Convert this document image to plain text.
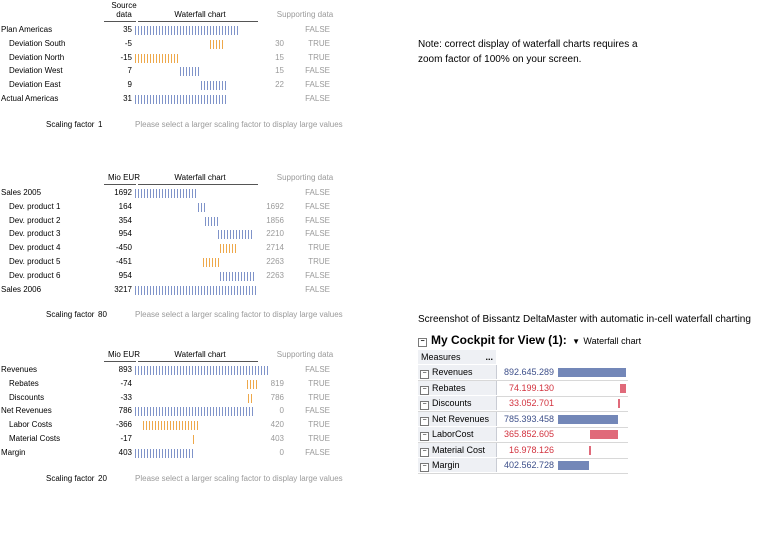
Source
data	Waterfall chart	Supporting data
Plan Americas	35	FALSE
Deviation South	-5	30	TRUE
Deviation North	-15	15	TRUE
Deviation West	7	15	FALSE
Deviation East	9	22	FALSE
Actual Americas	31	FALSE
Scaling factor 1	Please select a larger scaling factor to display large values
Mio EUR	Waterfall chart	Supporting data
Sales 2005	1692	FALSE
Dev. product 1	164	1692	FALSE
Dev. product 2	354	1856	FALSE
Dev. product 3	954	2210	FALSE
Dev. product 4	-450	2714	TRUE
Dev. product 5	-451	2263	TRUE
Dev. product 6	954	2263	FALSE
Sales 2006	3217	FALSE
Scaling factor 80	Please select a larger scaling factor to display large values
Mio EUR	Waterfall chart	Supporting data
Revenues	893	FALSE
Rebates	-74	819	TRUE
Discounts	-33	786	TRUE
Net Revenues	786	0	FALSE
Labor Costs	-366	420	TRUE
Material Costs	-17	403	TRUE
Margin	403	0	FALSE
Scaling factor 20	Please select a larger scaling factor to display large values
Note: correct display of waterfall charts requires a
zoom factor of 100% on your screen.
Screenshot of Bissantz DeltaMaster with automatic in-cell waterfall charting
− My Cockpit for View (1): ▼ Waterfall chart
Measures	...
− Revenues	892.645.289
− Rebates	74.199.130
− Discounts	33.052.701
− Net Revenues	785.393.458
− LaborCost	365.852.605
− Material Cost	16.978.126
− Margin	402.562.728
